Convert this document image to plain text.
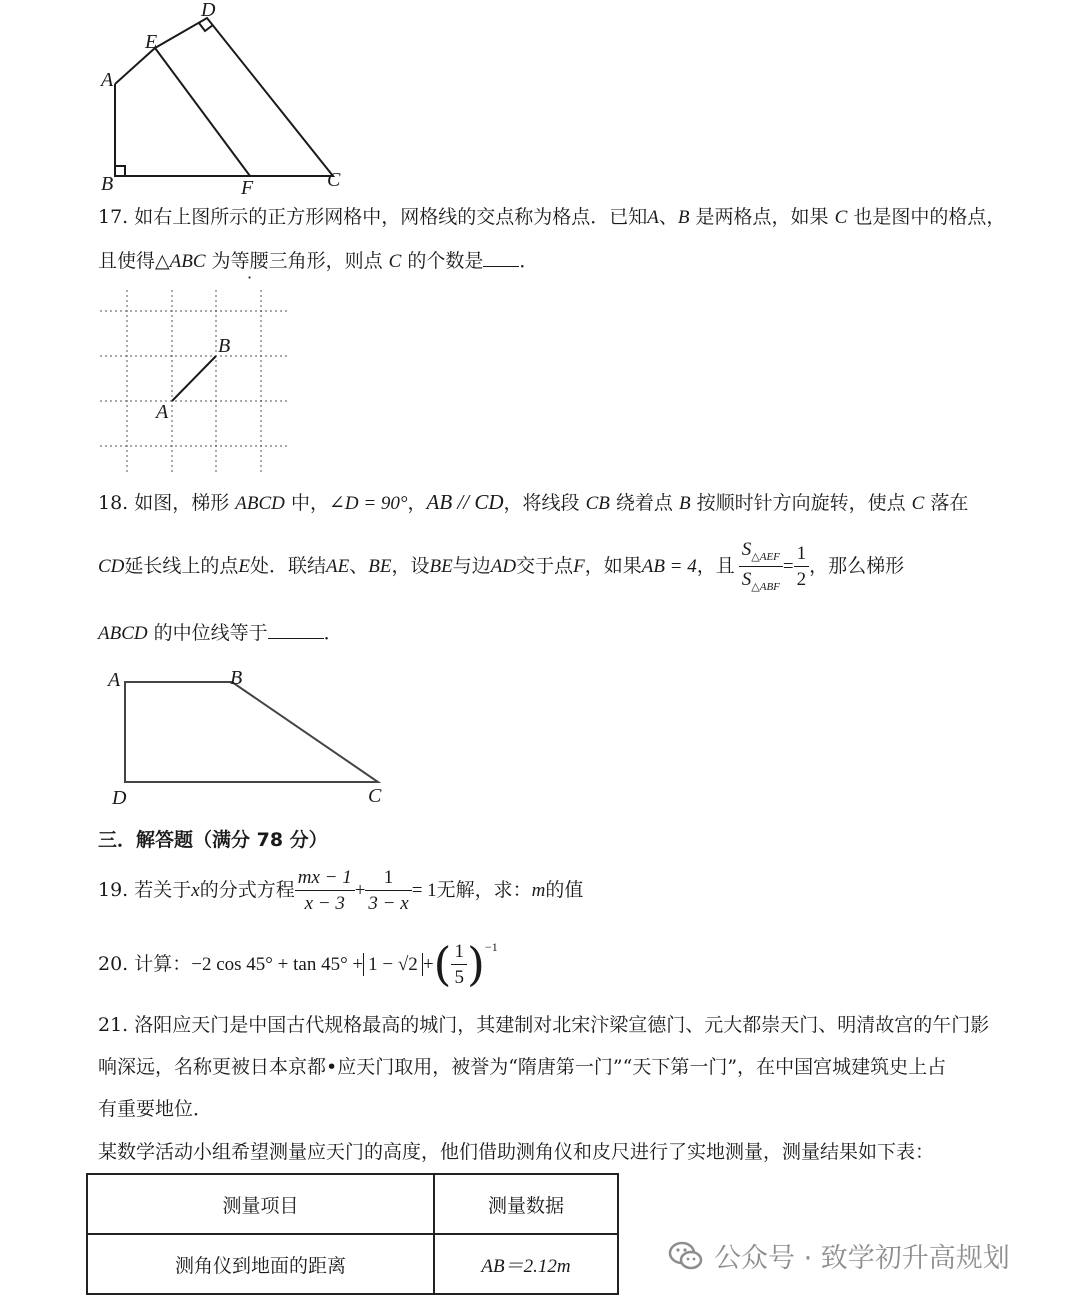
D
E
A
B	F	C
17. 如右上图所示的正方形网格中，网格线的交点称为格点．已知A、B 是两格点，如果 C 也是图中的格点，
且使得△ABC 为等腰三角形，则点 C 的个数是 ．
B
A
18. 如图，梯形 ABCD 中，∠D = 90°，AB // CD，将线段 CB 绕着点 B 按顺时针方向旋转，使点 C 落在
CD 延长线上的点 E 处．联结 AE 、 BE ，设 BE 与边 AD 交于点 F ，如果 AB = 4 ，且 $\frac{S_{\triangle AEF}}{S_{\triangle ABF}} = \frac{1}{2}$ ，那么梯形
ABCD 的中位线等于	．
A	B
D	C
三．解答题（满分 78 分）
19. 若关于 x 的分式方程 $\frac{mx - 1}{x - 3} + \frac{1}{3 - x} = 1$ 无解，求： m 的值
20. 计算： −2 cos 45° + tan 45° + 1 − √2 + ( $\frac{1}{5} )^{-1}$
21. 洛阳应天门是中国古代规格最高的城门，其建制对北宋汴梁宣德门、元大都崇天门、明清故宫的午门影
响深远，名称更被日本京都•应天门取用，被誉为“隋唐第一门”“天下第一门”，在中国宫城建筑史上占
有重要地位．
某数学活动小组希望测量应天门的高度，他们借助测角仪和皮尺进行了实地测量，测量结果如下表：
测量项目	测量数据
测角仪到地面的距离	AB＝2.12m	公众号 · 致学初升高规划
